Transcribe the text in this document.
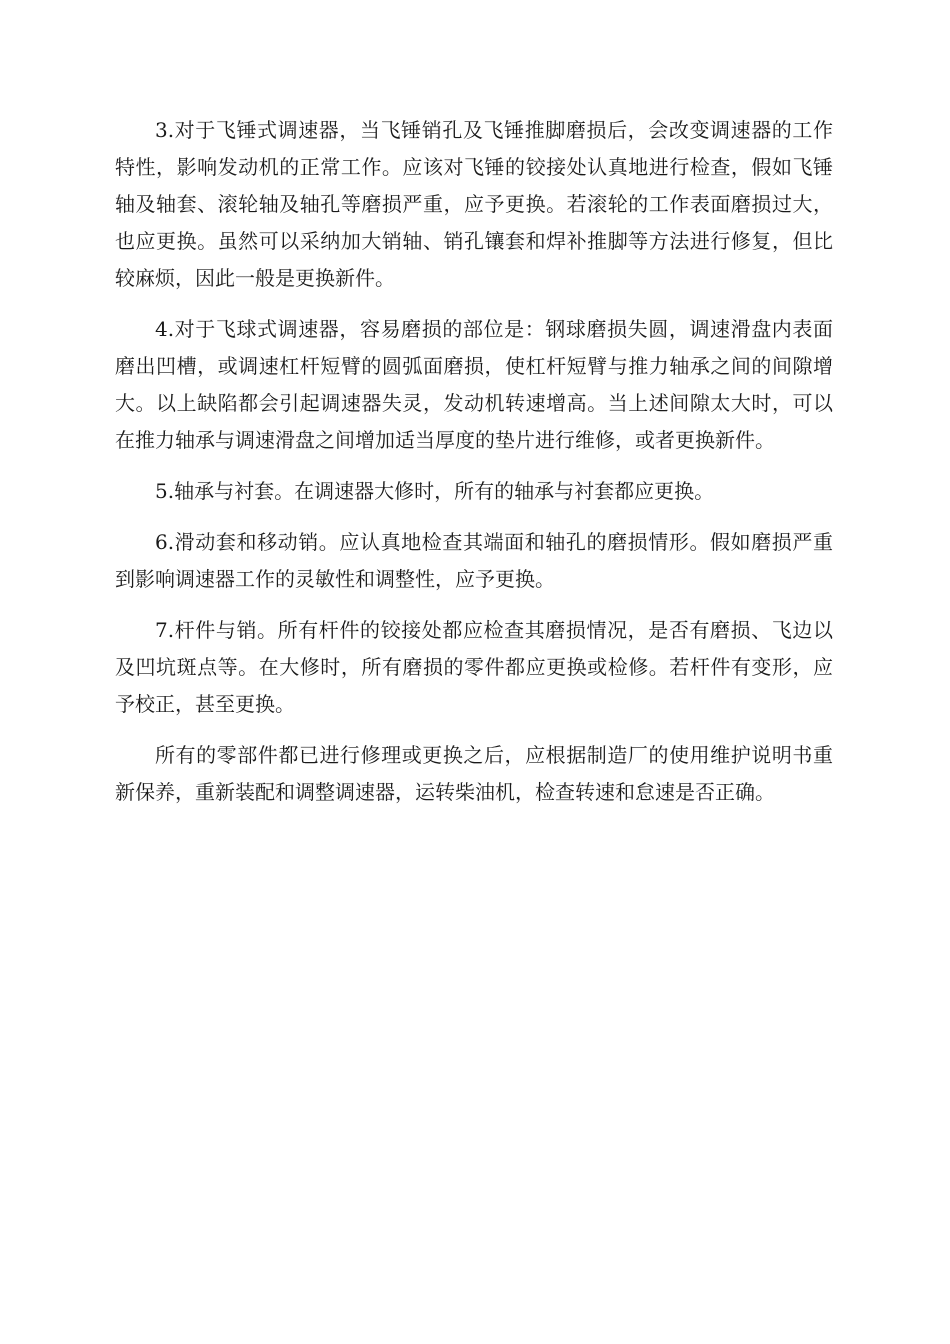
3.对于飞锤式调速器，当飞锤销孔及飞锤推脚磨损后，会改变调速器的工作特性，影响发动机的正常工作。应该对飞锤的铰接处认真地进行检查，假如飞锤轴及轴套、滚轮轴及轴孔等磨损严重，应予更换。若滚轮的工作表面磨损过大，也应更换。虽然可以采纳加大销轴、销孔镶套和焊补推脚等方法进行修复，但比较麻烦，因此一般是更换新件。

4.对于飞球式调速器，容易磨损的部位是：钢球磨损失圆，调速滑盘内表面磨出凹槽，或调速杠杆短臂的圆弧面磨损，使杠杆短臂与推力轴承之间的间隙增大。以上缺陷都会引起调速器失灵，发动机转速增高。当上述间隙太大时，可以在推力轴承与调速滑盘之间增加适当厚度的垫片进行维修，或者更换新件。

5.轴承与衬套。在调速器大修时，所有的轴承与衬套都应更换。

6.滑动套和移动销。应认真地检查其端面和轴孔的磨损情形。假如磨损严重到影响调速器工作的灵敏性和调整性，应予更换。

7.杆件与销。所有杆件的铰接处都应检查其磨损情况，是否有磨损、飞边以及凹坑斑点等。在大修时，所有磨损的零件都应更换或检修。若杆件有变形，应予校正，甚至更换。

所有的零部件都已进行修理或更换之后，应根据制造厂的使用维护说明书重新保养，重新装配和调整调速器，运转柴油机，检查转速和怠速是否正确。
